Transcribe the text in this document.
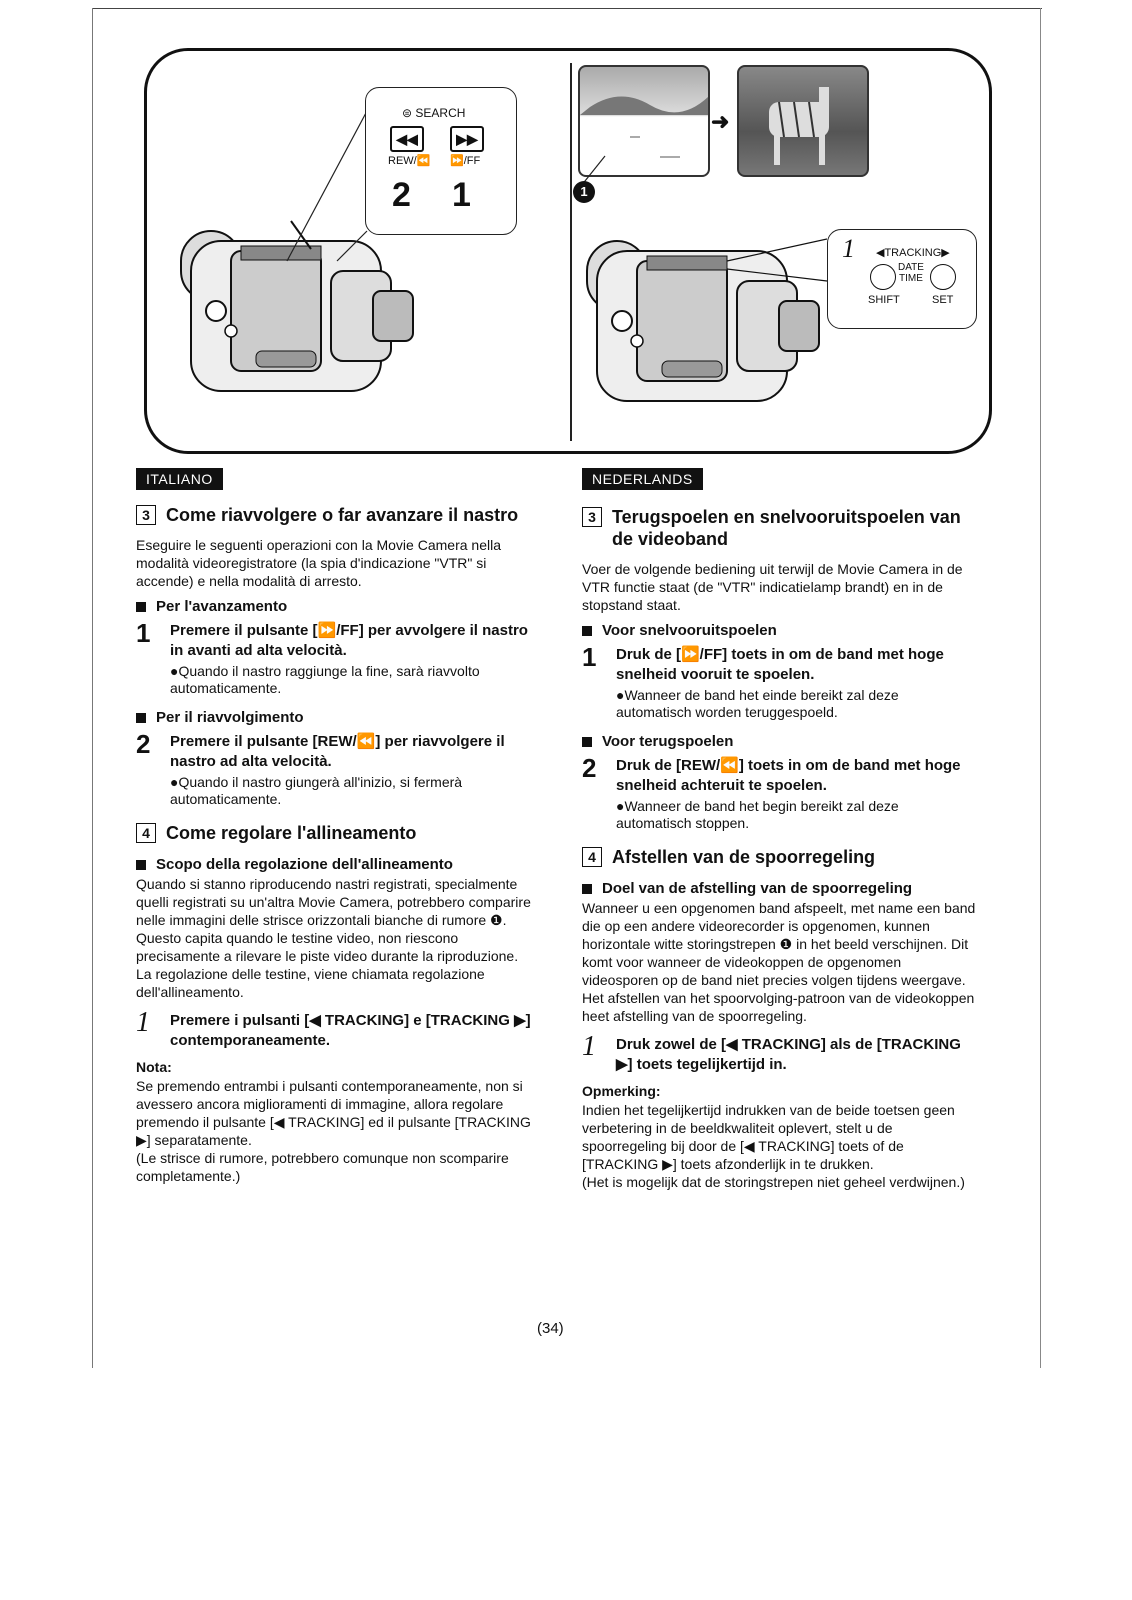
⊜ SEARCH
◀◀	▶▶
REW/⏪ ⏩/FF
2 1
➜
1
1 ◀TRACKING▶
DATE
TIME
SHIFT	SET
ITALIANO
3 Come riavvolgere o far avanzare il nastro
Eseguire le seguenti operazioni con la Movie Camera nella modalità videoregistratore (la spia d'indicazione "VTR" si accende) e nella modalità di arresto.
Per l'avanzamento
1	Premere il pulsante [⏩/FF] per avvolgere il nastro in avanti ad alta velocità.
●Quando il nastro raggiunge la fine, sarà riavvolto automaticamente.
Per il riavvolgimento
2	Premere il pulsante [REW/⏪] per riavvolgere il nastro ad alta velocità.
●Quando il nastro giungerà all'inizio, si fermerà automaticamente.
4 Come regolare l'allineamento
Scopo della regolazione dell'allineamento
Quando si stanno riproducendo nastri registrati, specialmente quelli registrati su un'altra Movie Camera, potrebbero comparire nelle immagini delle strisce orizzontali bianche di rumore ❶. Questo capita quando le testine video, non riescono precisamente a rilevare le piste video durante la riproduzione. La regolazione delle testine, viene chiamata regolazione dell'allineamento.
1	Premere i pulsanti [◀ TRACKING] e [TRACKING ▶] contemporaneamente.
Nota:
Se premendo entrambi i pulsanti contemporaneamente, non si avessero ancora miglioramenti di immagine, allora regolare premendo il pulsante [◀ TRACKING] ed il pulsante [TRACKING ▶] separatamente.
(Le strisce di rumore, potrebbero comunque non scomparire completamente.)
NEDERLANDS
3 Terugspoelen en snelvooruitspoelen van de videoband
Voer de volgende bediening uit terwijl de Movie Camera in de VTR functie staat (de "VTR" indicatielamp brandt) en in de stopstand staat.
Voor snelvooruitspoelen
1	Druk de [⏩/FF] toets in om de band met hoge snelheid vooruit te spoelen.
●Wanneer de band het einde bereikt zal deze automatisch worden teruggespoeld.
Voor terugspoelen
2	Druk de [REW/⏪] toets in om de band met hoge snelheid achteruit te spoelen.
●Wanneer de band het begin bereikt zal deze automatisch stoppen.
4 Afstellen van de spoorregeling
Doel van de afstelling van de spoorregeling
Wanneer u een opgenomen band afspeelt, met name een band die op een andere videorecorder is opgenomen, kunnen horizontale witte storingstrepen ❶ in het beeld verschijnen. Dit komt voor wanneer de videokoppen de opgenomen videosporen op de band niet precies volgen tijdens weergave. Het afstellen van het spoorvolging-patroon van de videokoppen heet afstelling van de spoorregeling.
1	Druk zowel de [◀ TRACKING] als de [TRACKING ▶] toets tegelijkertijd in.
Opmerking:
Indien het tegelijkertijd indrukken van de beide toetsen geen verbetering in de beeldkwaliteit oplevert, stelt u de spoorregeling bij door de [◀ TRACKING] toets of de [TRACKING ▶] toets afzonderlijk in te drukken.
(Het is mogelijk dat de storingstrepen niet geheel verdwijnen.)
(34)
